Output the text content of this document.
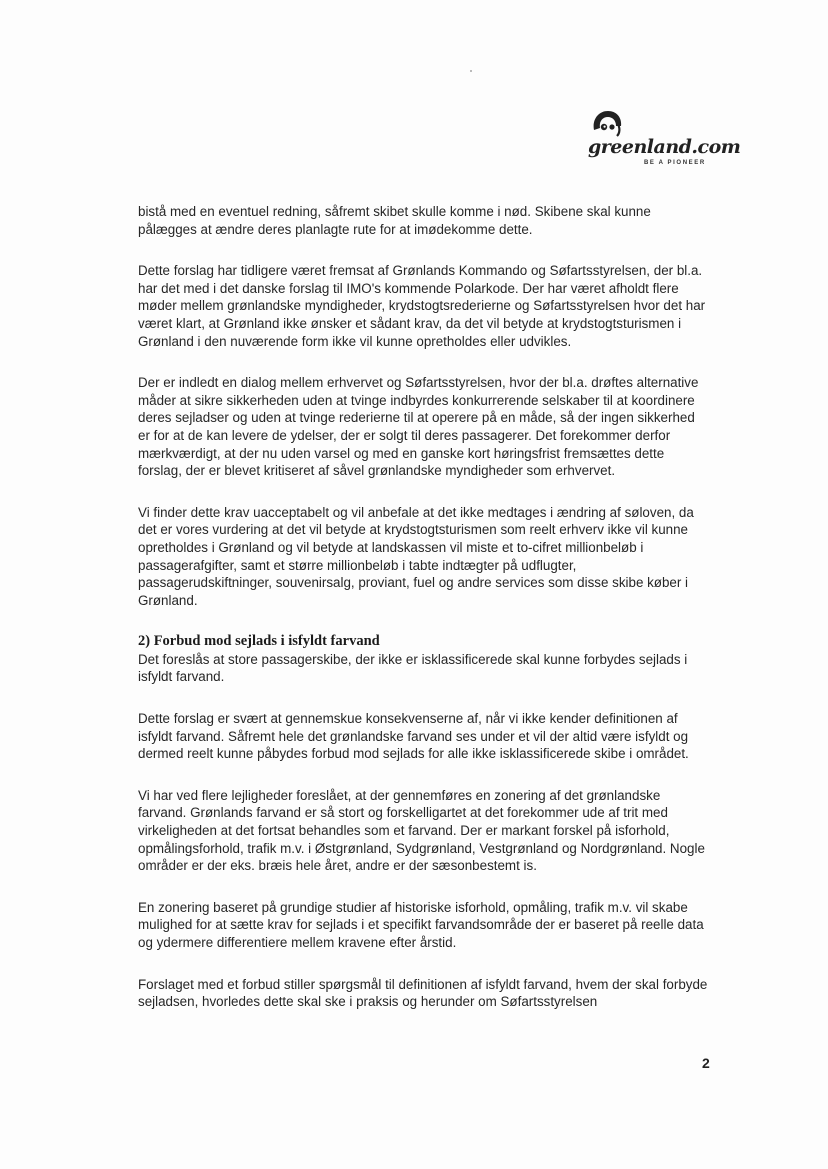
greenland.com
BE A PIONEER

bistå med en eventuel redning, såfremt skibet skulle komme i nød. Skibene skal kunne pålægges at ændre deres planlagte rute for at imødekomme dette.

Dette forslag har tidligere været fremsat af Grønlands Kommando og Søfartsstyrelsen, der bl.a. har det med i det danske forslag til IMO's kommende Polarkode. Der har været afholdt flere møder mellem grønlandske myndigheder, krydstogtsrederierne og Søfartsstyrelsen hvor det har været klart, at Grønland ikke ønsker et sådant krav, da det vil betyde at krydstogtsturismen i Grønland i den nuværende form ikke vil kunne opretholdes eller udvikles.

Der er indledt en dialog mellem erhvervet og Søfartsstyrelsen, hvor der bl.a. drøftes alternative måder at sikre sikkerheden uden at tvinge indbyrdes konkurrerende selskaber til at koordinere deres sejladser og uden at tvinge rederierne til at operere på en måde, så der ingen sikkerhed er for at de kan levere de ydelser, der er solgt til deres passagerer. Det forekommer derfor mærkværdigt, at der nu uden varsel og med en ganske kort høringsfrist fremsættes dette forslag, der er blevet kritiseret af såvel grønlandske myndigheder som erhvervet.

Vi finder dette krav uacceptabelt og vil anbefale at det ikke medtages i ændring af søloven, da det er vores vurdering at det vil betyde at krydstogtsturismen som reelt erhverv ikke vil kunne opretholdes i Grønland og vil betyde at landskassen vil miste et to-cifret millionbeløb i passagerafgifter, samt et større millionbeløb i tabte indtægter på udflugter, passagerudskiftninger, souvenirsalg, proviant, fuel og andre services som disse skibe køber i Grønland.

2) Forbud mod sejlads i isfyldt farvand

Det foreslås at store passagerskibe, der ikke er isklassificerede skal kunne forbydes sejlads i isfyldt farvand.

Dette forslag er svært at gennemskue konsekvenserne af, når vi ikke kender definitionen af isfyldt farvand. Såfremt hele det grønlandske farvand ses under et vil der altid være isfyldt og dermed reelt kunne påbydes forbud mod sejlads for alle ikke isklassificerede skibe i området.

Vi har ved flere lejligheder foreslået, at der gennemføres en zonering af det grønlandske farvand. Grønlands farvand er så stort og forskelligartet at det forekommer ude af trit med virkeligheden at det fortsat behandles som et farvand. Der er markant forskel på isforhold, opmålingsforhold, trafik m.v. i Østgrønland, Sydgrønland, Vestgrønland og Nordgrønland. Nogle områder er der eks. bræis hele året, andre er der sæsonbestemt is.

En zonering baseret på grundige studier af historiske isforhold, opmåling, trafik m.v. vil skabe mulighed for at sætte krav for sejlads i et specifikt farvandsområde der er baseret på reelle data og ydermere differentiere mellem kravene efter årstid.

Forslaget med et forbud stiller spørgsmål til definitionen af isfyldt farvand, hvem der skal forbyde sejladsen, hvorledes dette skal ske i praksis og herunder om Søfartsstyrelsen

2
